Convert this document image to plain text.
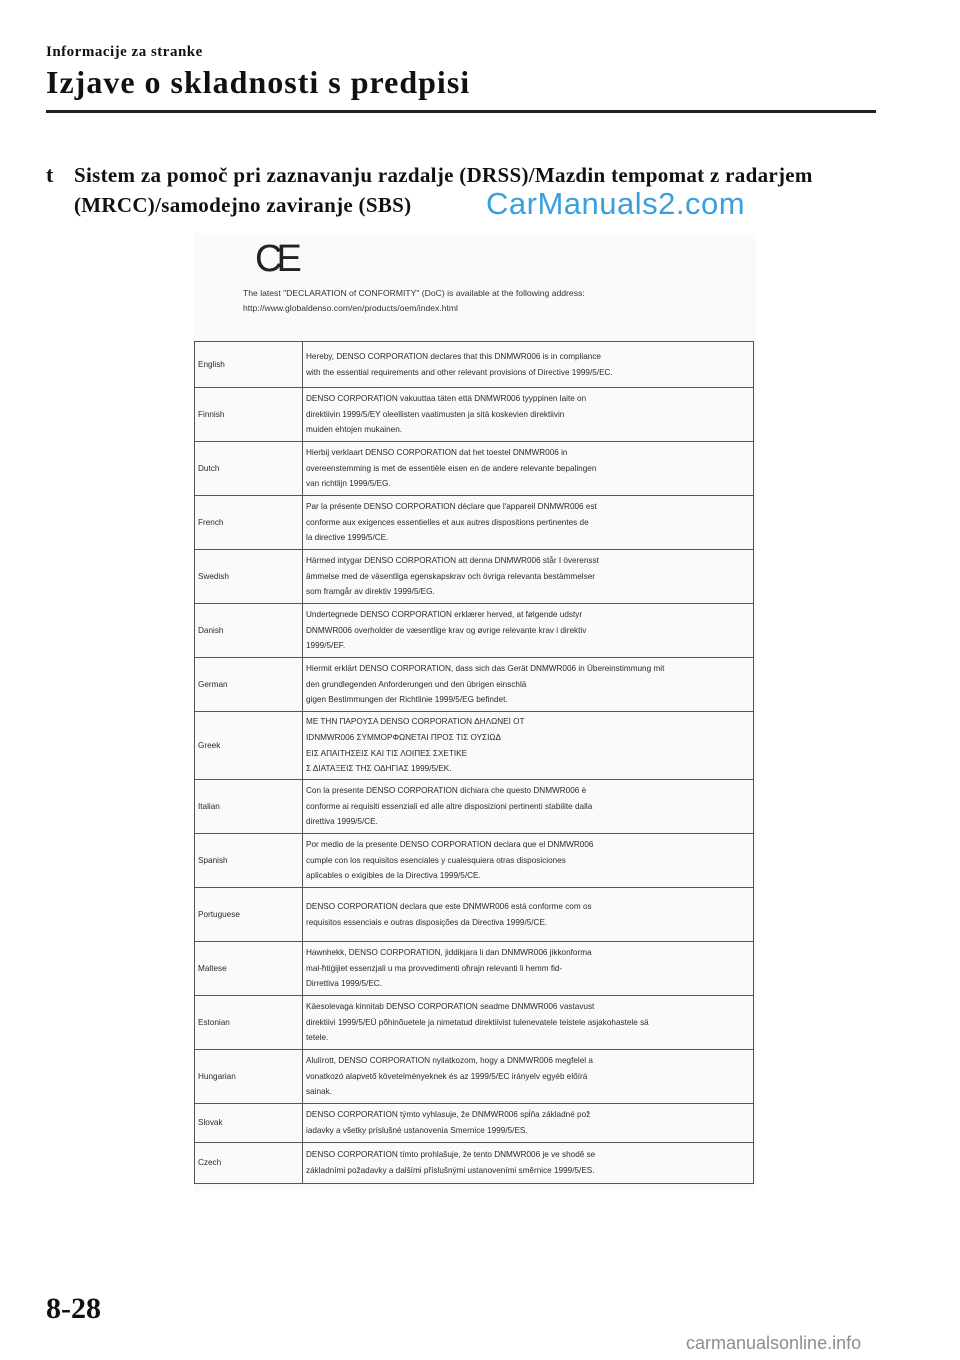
Informacije za stranke
Izjave o skladnosti s predpisi
t Sistem za pomoč pri zaznavanju razdalje (DRSS)/Mazdin tempomat z radarjem (MRCC)/samodejno zaviranje (SBS)	CarManuals2.com
CE
The latest "DECLARATION of CONFORMITY" (DoC) is available at the following address:
http://www.globaldenso.com/en/products/oem/index.html
English	Hereby, DENSO CORPORATION declares that this DNMWR006 is in compliance
with the essential requirements and other relevant provisions of Directive 1999/5/EC.

Finnish	DENSO CORPORATION vakuuttaa täten että DNMWR006 tyyppinen laite on
direktiivin 1999/5/EY oleellisten vaatimusten ja sitä koskevien direktiivin
muiden ehtojen mukainen.

Dutch	Hierbij verklaart DENSO CORPORATION dat het toestel DNMWR006 in
overeenstemming is met de essentiële eisen en de andere relevante bepalingen
van richtlijn 1999/5/EG.

French	Par la présente DENSO CORPORATION déclare que l'appareil DNMWR006 est
conforme aux exigences essentielles et aux autres dispositions pertinentes de
la directive 1999/5/CE.

Swedish	Härmed intygar DENSO CORPORATION att denna DNMWR006 står I överensst
ämmelse med de väsentliga egenskapskrav och övriga relevanta bestämmelser
som framgår av direktiv 1999/5/EG.

Danish	Undertegnede DENSO CORPORATION erklærer herved, at følgende udstyr
DNMWR006 overholder de væsentlige krav og øvrige relevante krav i direktiv
1999/5/EF.

German	Hiermit erklärt DENSO CORPORATION, dass sich das Gerät DNMWR006 in Übereinstimmung mit
den grundlegenden Anforderungen und den übrigen einschlä
gigen Bestimmungen der Richtlinie 1999/5/EG befindet.

Greek	ΜΕ ΤΗΝ ΠΑΡΟΥΣΑ DENSO CORPORATION ΔΗΛΩΝΕΙ ΟΤ
IDNMWR006 ΣΥΜΜΟΡΦΩΝΕΤΑΙ ΠΡΟΣ ΤΙΣ ΟΥΣΙΩΔ
ΕΙΣ ΑΠΑΙΤΗΣΕΙΣ ΚΑΙ ΤΙΣ ΛΟΙΠΕΣ ΣΧΕΤΙΚΕ
Σ ΔΙΑΤΑΞΕΙΣ ΤΗΣ ΟΔΗΓΙΑΣ 1999/5/ΕΚ.

Italian	Con la presente DENSO CORPORATION dichiara che questo DNMWR006 è
conforme ai requisiti essenziali ed alle altre disposizioni pertinenti stabilite dalla
direttiva 1999/5/CE.

Spanish	Por medio de la presente DENSO CORPORATION declara que el DNMWR006
cumple con los requisitos esenciales y cualesquiera otras disposiciones
aplicables o exigibles de la Directiva 1999/5/CE.

Portuguese	DENSO CORPORATION declara que este DNMWR006 está conforme com os
requisitos essenciais e outras disposições da Directiva 1999/5/CE.

Maltese	Hawnhekk, DENSO CORPORATION, jiddikjara li dan DNMWR006 jikkonforma
mal-ħtiġijiet essenzjali u ma provvedimenti oħrajn relevanti li hemm fid-
Dirrettiva 1999/5/EC.

Estonian	Käesolevaga kinnitab DENSO CORPORATION seadme DNMWR006 vastavust
direktiivi 1999/5/EÜ põhinõuetele ja nimetatud direktiivist tulenevatele teistele asjakohastele sä
tetele.

Hungarian	Alulírott, DENSO CORPORATION nyilatkozom, hogy a DNMWR006 megfelel a
vonatkozó alapvető követelményeknek és az 1999/5/EC irányelv egyéb előírá
sainak.

Slovak	DENSO CORPORATION týmto vyhlasuje, že DNMWR006 spĺňa základné pož
iadavky a všetky príslušné ustanovenia Smernice 1999/5/ES.

Czech	DENSO CORPORATION tímto prohlašuje, že tento DNMWR006 je ve shodě se
základními požadavky a dalšími příslušnými ustanoveními směrnice 1999/5/ES.
8-28
carmanualsonline.info
